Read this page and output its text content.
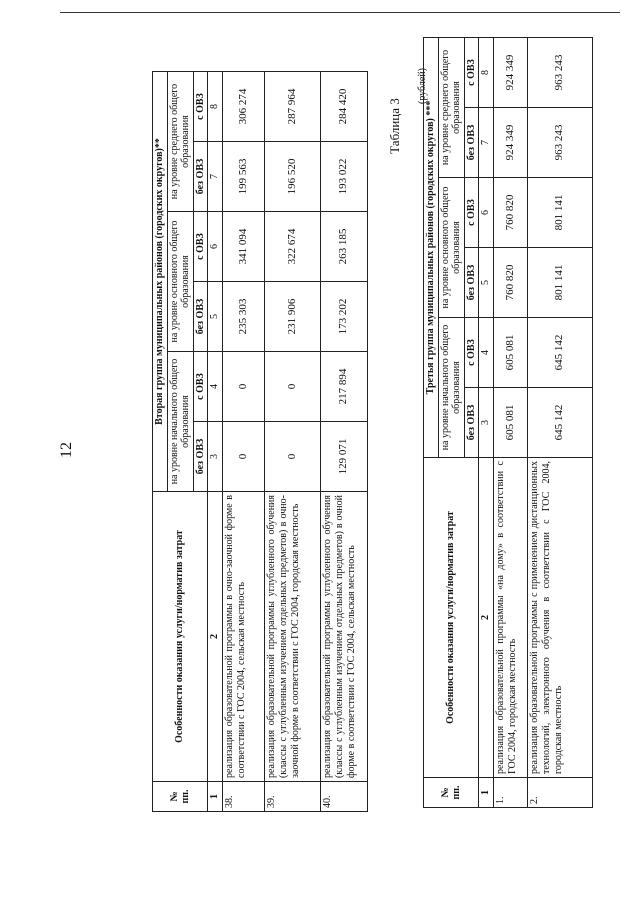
12
№ пп.	Особенности оказания услуги/норматив затрат	Вторая группа муниципальных районов (городских округов)**					
		на уровне начального общего образования		на уровне основного общего образования		на уровне среднего общего образования	
		без ОВЗ	с ОВЗ	без ОВЗ	с ОВЗ	без ОВЗ	с ОВЗ
1	2	3	4	5	6	7	8
38.	реализация образовательной программы в очно-заочной форме в соответствии с ГОС 2004, сельская местность	0	0	235 303	341 094	199 563	306 274
39.	реализация образовательной программы углубленного обучения (классы с углубленным изучением отдельных предметов) в очно-заочной форме в соответствии с ГОС 2004, городская местность	0	0	231 906	322 674	196 520	287 964
40.	реализация образовательной программы углубленного обучения (классы с углубленным изучением отдельных предметов) в очной форме в соответствии с ГОС 2004, сельская местность	129 071	217 894	173 202	263 185	193 022	284 420	Таблица 3
(рублей)
№ пп.	Особенности оказания услуги/норматив затрат	Третья группа муниципальных районов (городских округов) ***					
		на уровне начального общего образования		на уровне основного общего образования		на уровне среднего общего образования	
		без ОВЗ	с ОВЗ	без ОВЗ	с ОВЗ	без ОВЗ	с ОВЗ
1	2	3	4	5	6	7	8
1.	реализация образовательной программы «на дому» в соответствии с ГОС 2004, городская местность	605 081	605 081	760 820	760 820	924 349	924 349
2.	реализация образовательной программы с применением дистанционных технологий, электронного обучения в соответствии с ГОС 2004, городская местность	645 142	645 142	801 141	801 141	963 243	963 243
